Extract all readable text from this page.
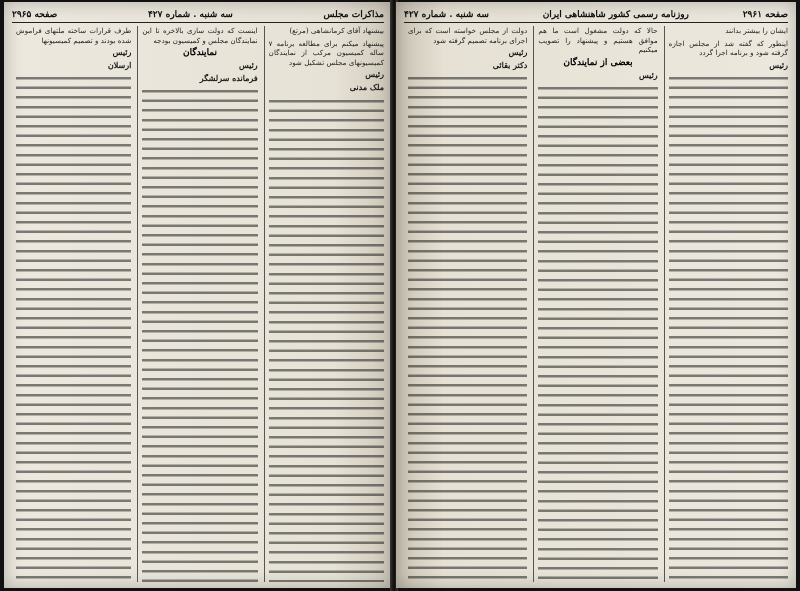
مذاکرات مجلس
سه شنبه . شماره ۴۲۷
صفحه ۲۹۶۵

بیشنهاد آقای کرمانشاهی (مرتع)

پیشنهاد میکنم برای مطالعه برنامه ۷ ساله کمیسیون مرکب از نمایندگان کمیسیونهای مجلس تشکیل شود

رئیس

ملک مدنی

اینست که دولت سازی بالاخره تا این نمایندگان مجلس و کمیسیون بودجه

نمایندگان

رئیس

فرمانده سرلشگر

طرف قرارات ساخته ملتهای فراموش شده بودند و تصمیم کمیسیونها

رئیس

ارسلان

صفحه ۲۹۶۱
روزنامه رسمی کشور شاهنشاهی ایران
سه شنبه . شماره ۴۲۷

ایشان را بیشتر بدانند

اینطور که گفته شد از مجلس اجازه گرفته شود و برنامه اجرا گردد

رئیس

حالا که دولت مشغول است ما هم موافق هستیم و پیشنهاد را تصویب میکنیم

بعضی از نمایندگان

رئیس

دولت از مجلس خواسته است که برای اجرای برنامه تصمیم گرفته شود

رئیس

دکتر بقائی
